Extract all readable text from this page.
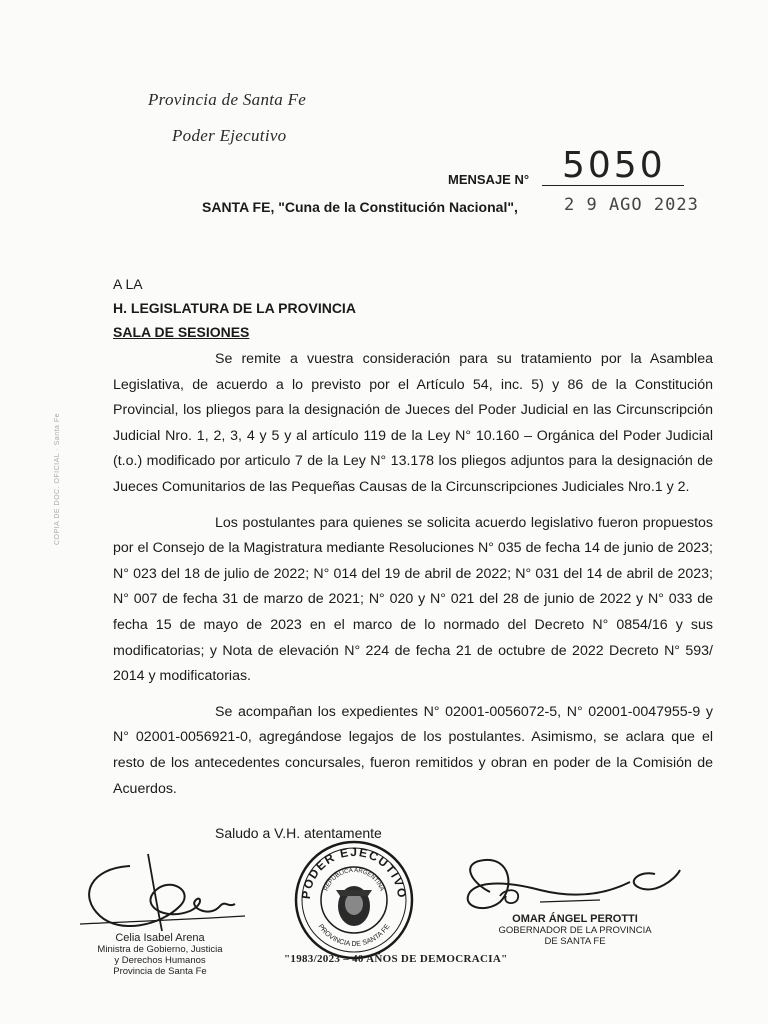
Provincia de Santa Fe
Poder Ejecutivo
MENSAJE N° 5050
SANTA FE, "Cuna de la Constitución Nacional",	2 9 AGO 2023
A LA
H. LEGISLATURA DE LA PROVINCIA
SALA DE SESIONES

Se remite a vuestra consideración para su tratamiento por la Asamblea Legislativa, de acuerdo a lo previsto por el Artículo 54, inc. 5) y 86 de la Constitución Provincial, los pliegos para la designación de Jueces del Poder Judicial en las Circunscripción Judicial Nro. 1, 2, 3, 4 y 5 y al artículo 119 de la Ley N° 10.160 – Orgánica del Poder Judicial (t.o.) modificado por articulo 7 de la Ley N° 13.178 los pliegos adjuntos para la designación de Jueces Comunitarios de las Pequeñas Causas de la Circunscripciones Judiciales Nro.1 y 2.

Los postulantes para quienes se solicita acuerdo legislativo fueron propuestos por el Consejo de la Magistratura mediante Resoluciones N° 035 de fecha 14 de junio de 2023; N° 023 del 18 de julio de 2022; N° 014 del 19 de abril de 2022; N° 031 del 14 de abril de 2023; N° 007 de fecha 31 de marzo de 2021; N° 020 y N° 021 del 28 de junio de 2022 y N° 033 de fecha 15 de mayo de 2023 en el marco de lo normado del Decreto N° 0854/16 y sus modificatorias; y Nota de elevación N° 224 de fecha 21 de octubre de 2022 Decreto N° 593/ 2014 y modificatorias.

Se acompañan los expedientes N° 02001-0056072-5, N° 02001-0047955-9 y N° 02001-0056921-0, agregándose legajos de los postulantes. Asimismo, se aclara que el resto de los antecedentes concursales, fueron remitidos y obran en poder de la Comisión de Acuerdos.

Saludo a V.H. atentamente
Celia Isabel Arena
Ministra de Gobierno, Justicia
y Derechos Humanos
Provincia de Santa Fe
PODER EJECUTIVO
REPUBLICA ARGENTINA
PROVINCIA DE SANTA FE
OMAR ÁNGEL PEROTTI
GOBERNADOR DE LA PROVINCIA
DE SANTA FE
"1983/2023 – 40 AÑOS DE DEMOCRACIA"
COPIA DE DOC. OFICIAL · Santa Fe
